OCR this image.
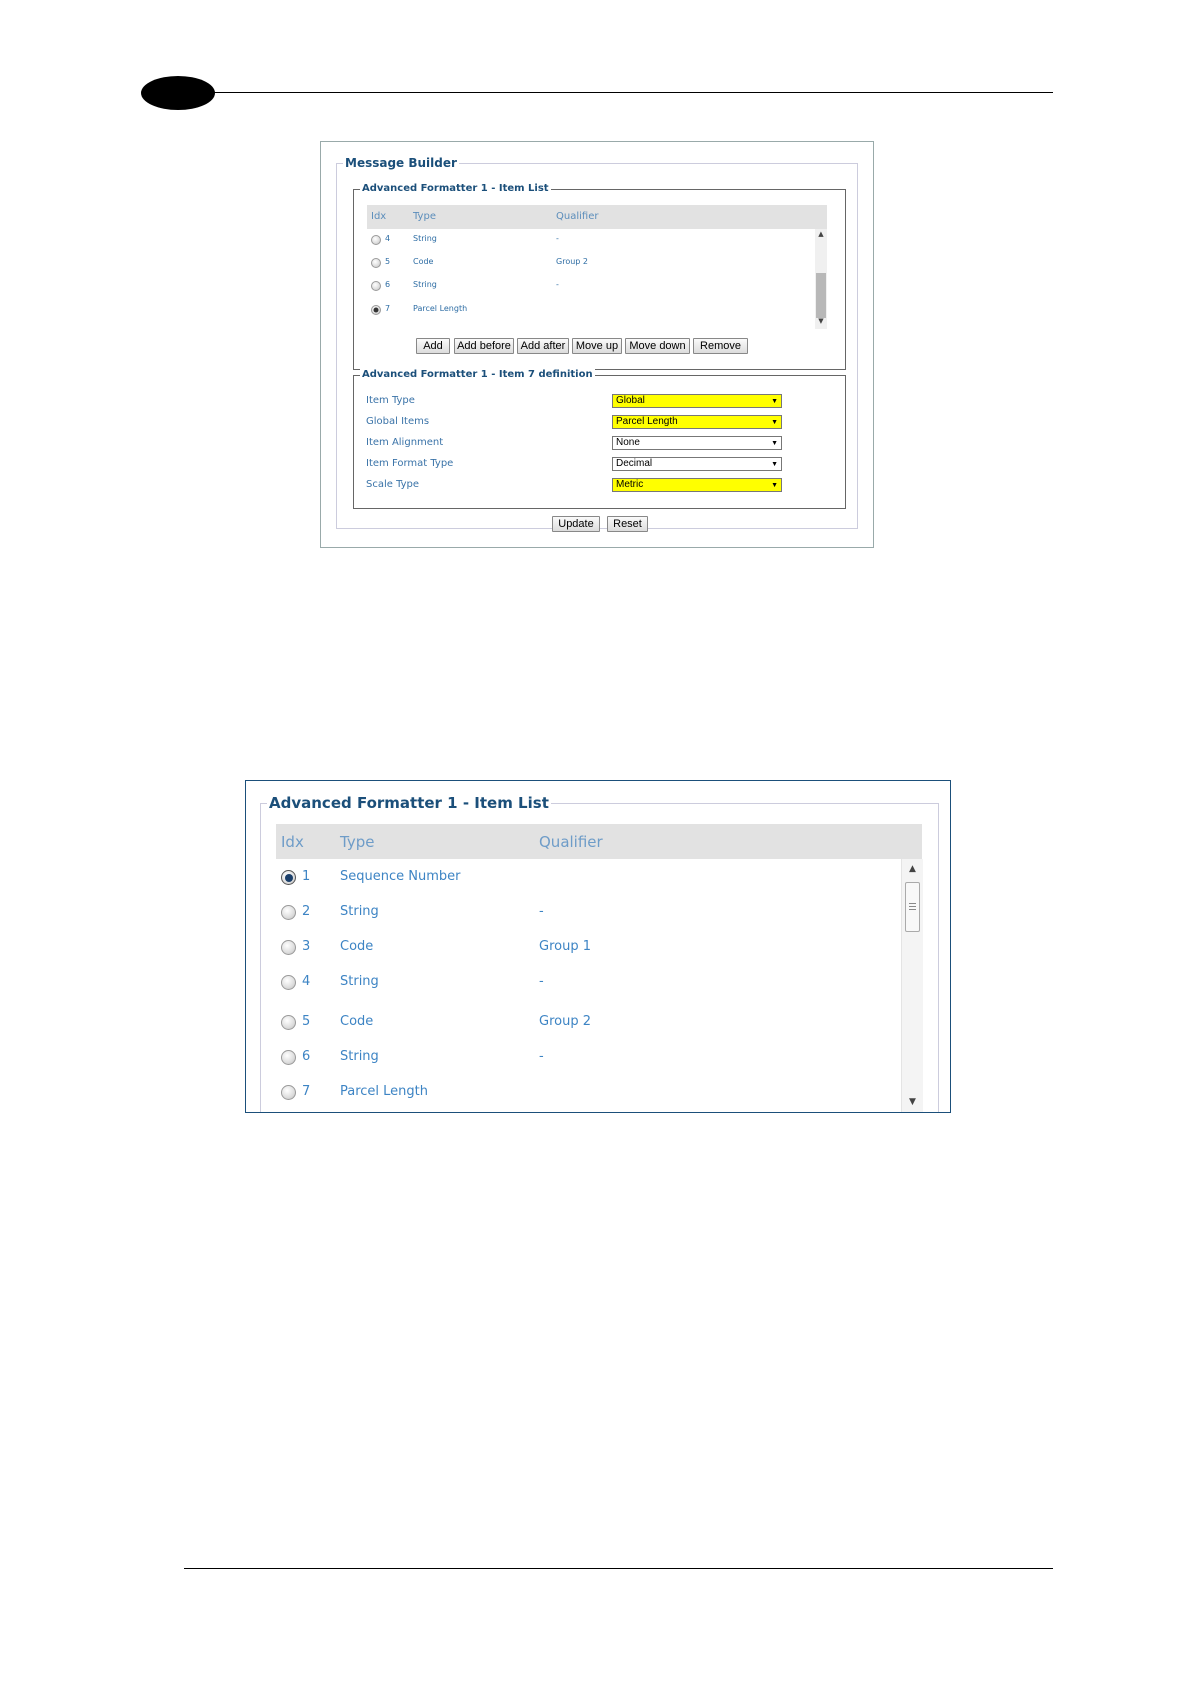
Message Builder
Advanced Formatter 1 - Item List
Idx	Type	Qualifier
4	String	-
5	Code	Group 2
6	String	-
7	Parcel Length
▲
▼
Add	Add before Add after Move up	Move down	Remove
Advanced Formatter 1 - Item 7 definition
Item Type	Global	▼
Global Items	Parcel Length	▼
Item Alignment	None	▼
Item Format Type	Decimal	▼
Scale Type	Metric	▼
Update	Reset
Advanced Formatter 1 - Item List
Idx Type	Qualifier
1 Sequence Number
2 String	-
3 Code	Group 1
4 String	-
5 Code	Group 2
6 String	-
7 Parcel Length
▲
▼
